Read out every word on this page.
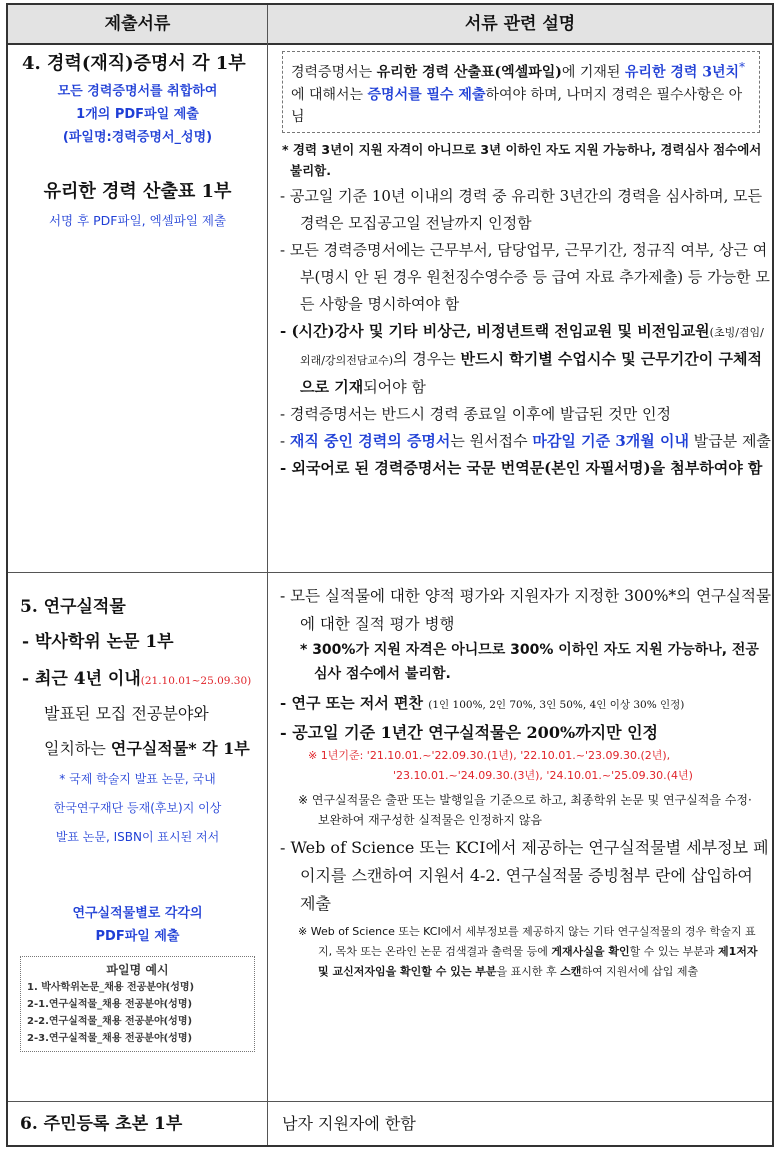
제출서류	서류 관련 설명

4. 경력(재직)증명서 각 1부

모든 경력증명서를 취합하여
1개의 PDF파일 제출
(파일명:경력증명서_성명)

유리한 경력 산출표 1부

서명 후 PDF파일, 엑셀파일 제출

경력증명서는 유리한 경력 산출표(엑셀파일)에 기재된 유리한 경력 3년치*에 대해서는 증명서를 필수 제출하여야 하며, 나머지 경력은 필수사항은 아님

* 경력 3년이 지원 자격이 아니므로 3년 이하인 자도 지원 가능하나, 경력심사 점수에서 불리함.

- 공고일 기준 10년 이내의 경력 중 유리한 3년간의 경력을 심사하며, 모든 경력은 모집공고일 전날까지 인정함

- 모든 경력증명서에는 근무부서, 담당업무, 근무기간, 정규직 여부, 상근 여부(명시 안 된 경우 원천징수영수증 등 급여 자료 추가제출) 등 가능한 모든 사항을 명시하여야 함

- (시간)강사 및 기타 비상근, 비정년트랙 전임교원 및 비전임교원(초빙/겸임/외래/강의전담교수)의 경우는 반드시 학기별 수업시수 및 근무기간이 구체적으로 기재되어야 함

- 경력증명서는 반드시 경력 종료일 이후에 발급된 것만 인정

- 재직 중인 경력의 증명서는 원서접수 마감일 기준 3개월 이내 발급분 제출

- 외국어로 된 경력증명서는 국문 번역문(본인 자필서명)을 첨부하여야 함

5. 연구실적물

- 박사학위 논문 1부

- 최근 4년 이내(21.10.01~25.09.30)

발표된 모집 전공분야와

일치하는 연구실적물* 각 1부

* 국제 학술지 발표 논문, 국내
한국연구재단 등재(후보)지 이상
발표 논문, ISBN이 표시된 저서
연구실적물별로 각각의
PDF파일 제출
파일명 예시
1. 박사학위논문_채용 전공분야(성명)
2-1.연구실적물_채용 전공분야(성명)
2-2.연구실적물_채용 전공분야(성명)
2-3.연구실적물_채용 전공분야(성명)

- 모든 실적물에 대한 양적 평가와 지원자가 지정한 300%*의 연구실적물에 대한 질적 평가 병행

* 300%가 지원 자격은 아니므로 300% 이하인 자도 지원 가능하나, 전공심사 점수에서 불리함.

- 연구 또는 저서 편찬 (1인 100%, 2인 70%, 3인 50%, 4인 이상 30% 인정)

- 공고일 기준 1년간 연구실적물은 200%까지만 인정

※ 1년기준: '21.10.01.~'22.09.30.(1년), '22.10.01.~'23.09.30.(2년),
'23.10.01.~'24.09.30.(3년), '24.10.01.~'25.09.30.(4년)

※ 연구실적물은 출판 또는 발행일을 기준으로 하고, 최종학위 논문 및 연구실적을 수정·보완하여 재구성한 실적물은 인정하지 않음

- Web of Science 또는 KCI에서 제공하는 연구실적물별 세부정보 페이지를 스캔하여 지원서 4-2. 연구실적물 증빙첨부 란에 삽입하여 제출

※ Web of Science 또는 KCI에서 세부정보를 제공하지 않는 기타 연구실적물의 경우 학술지 표지, 목차 또는 온라인 논문 검색결과 출력물 등에 게재사실을 확인할 수 있는 부분과 제1저자 및 교신저자임을 확인할 수 있는 부분을 표시한 후 스캔하여 지원서에 삽입 제출

6. 주민등록 초본 1부	남자 지원자에 한함
